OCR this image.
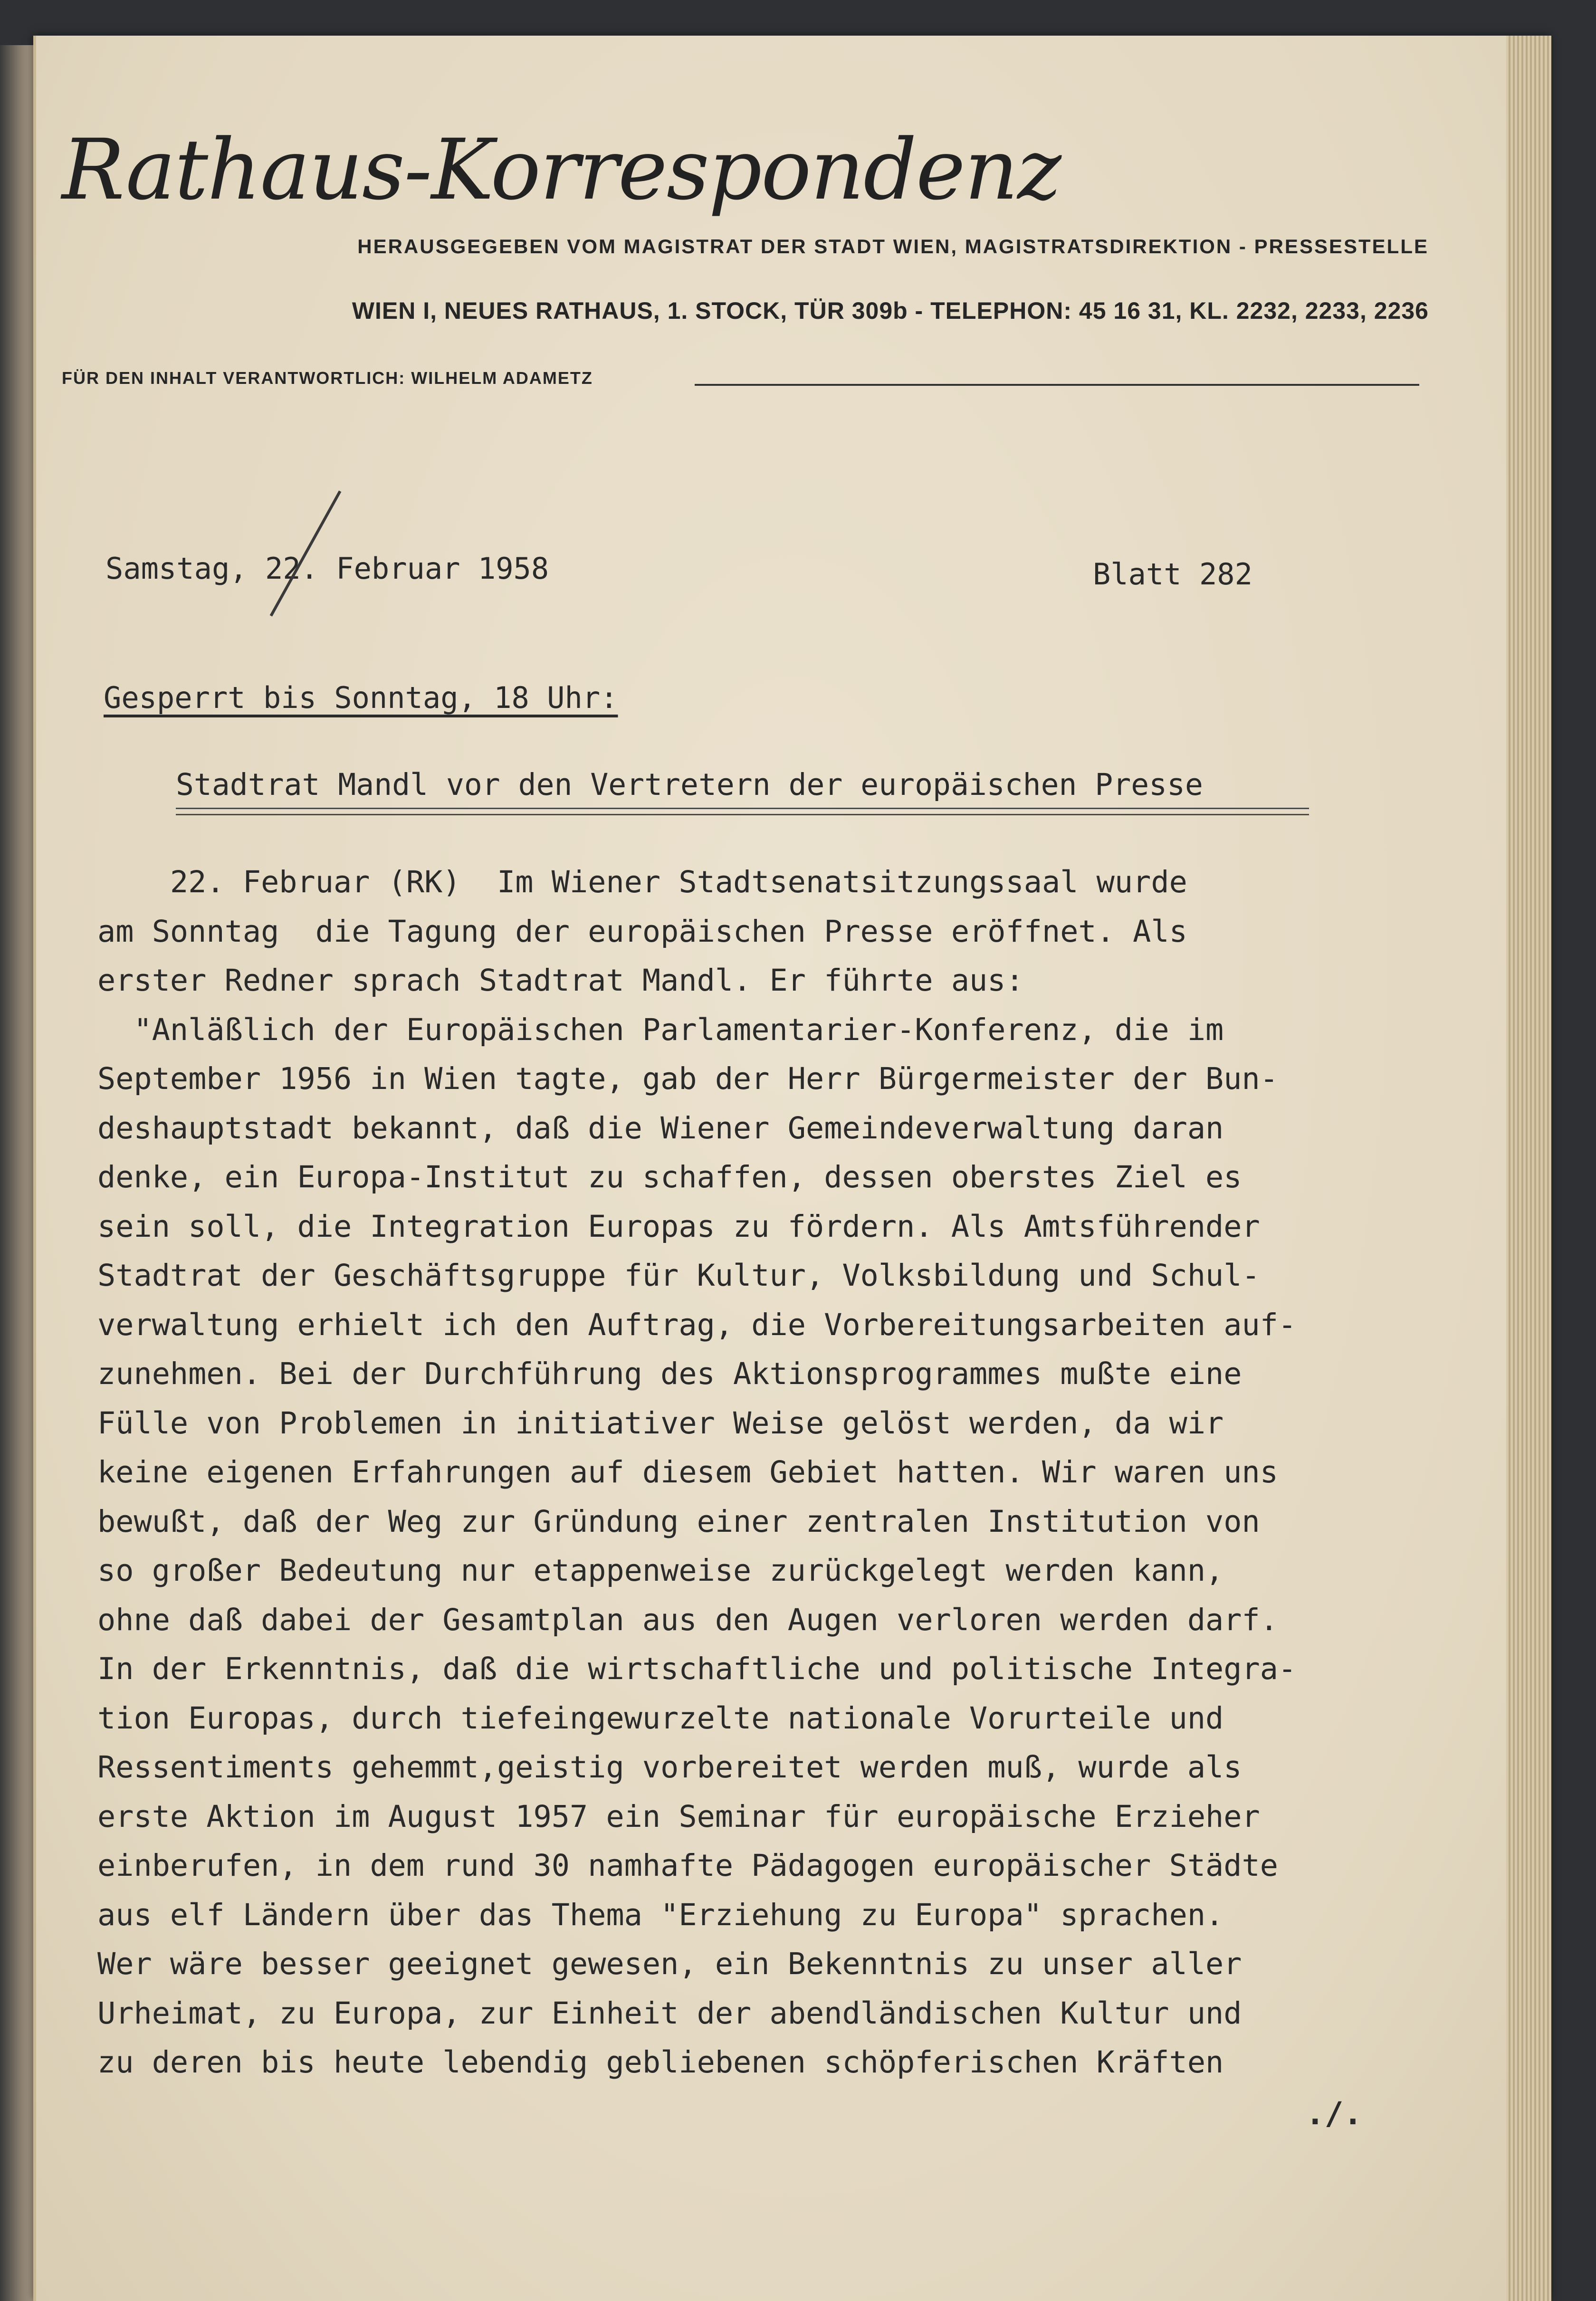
Rathaus-Korrespondenz
HERAUSGEGEBEN VOM MAGISTRAT DER STADT WIEN, MAGISTRATSDIREKTION - PRESSESTELLE
WIEN I, NEUES RATHAUS, 1. STOCK, TÜR 309b - TELEPHON: 45 16 31, KL. 2232, 2233, 2236
FÜR DEN INHALT VERANTWORTLICH: WILHELM ADAMETZ
Samstag, 22. Februar 1958	Blatt 282
Gesperrt bis Sonntag, 18 Uhr:
Stadtrat Mandl vor den Vertretern der europäischen Presse
22. Februar (RK)  Im Wiener Stadtsenatsitzungssaal wurde
am Sonntag  die Tagung der europäischen Presse eröffnet. Als
erster Redner sprach Stadtrat Mandl. Er führte aus:
"Anläßlich der Europäischen Parlamentarier-Konferenz, die im
September 1956 in Wien tagte, gab der Herr Bürgermeister der Bun-
deshauptstadt bekannt, daß die Wiener Gemeindeverwaltung daran
denke, ein Europa-Institut zu schaffen, dessen oberstes Ziel es
sein soll, die Integration Europas zu fördern. Als Amtsführender
Stadtrat der Geschäftsgruppe für Kultur, Volksbildung und Schul-
verwaltung erhielt ich den Auftrag, die Vorbereitungsarbeiten auf-
zunehmen. Bei der Durchführung des Aktionsprogrammes mußte eine
Fülle von Problemen in initiativer Weise gelöst werden, da wir
keine eigenen Erfahrungen auf diesem Gebiet hatten. Wir waren uns
bewußt, daß der Weg zur Gründung einer zentralen Institution von
so großer Bedeutung nur etappenweise zurückgelegt werden kann,
ohne daß dabei der Gesamtplan aus den Augen verloren werden darf.
In der Erkenntnis, daß die wirtschaftliche und politische Integra-
tion Europas, durch tiefeingewurzelte nationale Vorurteile und
Ressentiments gehemmt,geistig vorbereitet werden muß, wurde als
erste Aktion im August 1957 ein Seminar für europäische Erzieher
einberufen, in dem rund 30 namhafte Pädagogen europäischer Städte
aus elf Ländern über das Thema "Erziehung zu Europa" sprachen.
Wer wäre besser geeignet gewesen, ein Bekenntnis zu unser aller
Urheimat, zu Europa, zur Einheit der abendländischen Kultur und
zu deren bis heute lebendig gebliebenen schöpferischen Kräften
./.
